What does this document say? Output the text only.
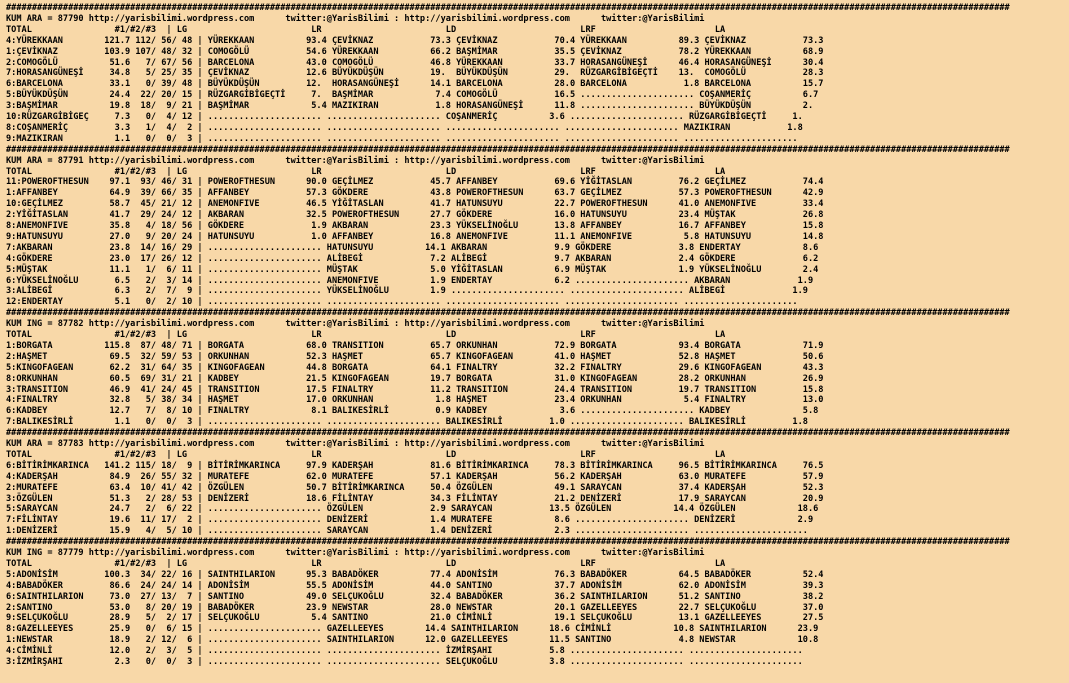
##################################################################################################################################################################################################
KUM ARA = 87790 http://yarisbilimi.wordpress.com      twitter:@YarisBilimi : http://yarisbilimi.wordpress.com      twitter:@YarisBilimi
TOTAL                #1/#2/#3  | LG                        LR                        LD                        LRF                       LA
4:YÜREKKAAN        121.7 112/ 56/ 48 | YÜREKKAAN          93.4 ÇEVİKNAZ           73.3 ÇEVİKNAZ           70.4 YÜREKKAAN          89.3 ÇEVİKNAZ           73.3
1:ÇEVİKNAZ         103.9 107/ 48/ 32 | COMOGÖLÜ           54.6 YÜREKKAAN          66.2 BAŞMİMAR           35.5 ÇEVİKNAZ           78.2 YÜREKKAAN          68.9
2:COMOGÖLÜ          51.6   7/ 67/ 56 | BARCELONA          43.0 COMOGÖLÜ           46.8 YÜREKKAAN          33.7 HORASANGÜNEŞİ      46.4 HORASANGÜNEŞİ      30.4
7:HORASANGÜNEŞİ     34.8   5/ 25/ 35 | ÇEVİKNAZ           12.6 BÜYÜKDÜŞÜN         19.  BÜYÜKDÜŞÜN         29.  RÜZGARGİBİGEÇTİ    13.  COMOGÖLÜ           28.3
6:BARCELONA         33.1   0/ 39/ 48 | BÜYÜKDÜŞÜN         12.  HORASANGÜNEŞİ      14.1 BARCELONA          28.0 BARCELONA           1.8 BARCELONA          15.7
5:BÜYÜKDÜŞÜN        24.4  22/ 20/ 15 | RÜZGARGİBİGEÇTİ     7.  BAŞMİMAR            7.4 COMOGÖLÜ           16.5 ...................... COŞANMERİÇ          6.7
3:BAŞMİMAR          19.8  18/  9/ 21 | BAŞMİMAR            5.4 MAZIKIRAN           1.8 HORASANGÜNEŞİ      11.8 ...................... BÜYÜKDÜŞÜN          2.
10:RÜZGARGİBİGEÇ     7.3   0/  4/ 12 | ...................... ...................... COŞANMERİÇ          3.6 ...................... RÜZGARGİBİGEÇTİ     1.
8:COŞANMERİÇ         3.3   1/  4/  2 | ...................... ...................... ...................... ...................... MAZIKIRAN           1.8
9:MAZIKIRAN          1.1   0/  0/  3 | ...................... ...................... ...................... ...................... ......................
##################################################################################################################################################################################################
KUM ARA = 87791 http://yarisbilimi.wordpress.com      twitter:@YarisBilimi : http://yarisbilimi.wordpress.com      twitter:@YarisBilimi
TOTAL                #1/#2/#3  | LG                        LR                        LD                        LRF                       LA
11:POWEROFTHESUN    97.1  93/ 46/ 31 | POWEROFTHESUN      90.0 GEÇİLMEZ           45.7 AFFANBEY           69.6 YİĞİTASLAN         76.2 GEÇİLMEZ           74.4
1:AFFANBEY          64.9  39/ 66/ 35 | AFFANBEY           57.3 GÖKDERE            43.8 POWEROFTHESUN      63.7 GEÇİLMEZ           57.3 POWEROFTHESUN      42.9
10:GEÇİLMEZ         58.7  45/ 21/ 12 | ANEMONFIVE         46.5 YİĞİTASLAN         41.7 HATUNSUYU          22.7 POWEROFTHESUN      41.0 ANEMONFIVE         33.4
2:YİĞİTASLAN        41.7  29/ 24/ 12 | AKBARAN            32.5 POWEROFTHESUN      27.7 GÖKDERE            16.0 HATUNSUYU          23.4 MÜŞTAK             26.8
8:ANEMONFIVE        35.8   4/ 18/ 56 | GÖKDERE             1.9 AKBARAN            23.3 YÜKSELİNOĞLU       13.8 AFFANBEY           16.7 AFFANBEY           15.8
9:HATUNSUYU         27.0   9/ 20/ 24 | HATUNSUYU           1.0 AFFANBEY           16.8 ANEMONFIVE         11.1 ANEMONFIVE          5.8 HATUNSUYU          14.8
7:AKBARAN           23.8  14/ 16/ 29 | ...................... HATUNSUYU          14.1 AKBARAN             9.9 GÖKDERE             3.8 ENDERTAY            8.6
4:GÖKDERE           23.0  17/ 26/ 12 | ...................... ALİBEGİ             7.2 ALİBEGİ             9.7 AKBARAN             2.4 GÖKDERE             6.2
5:MÜŞTAK            11.1   1/  6/ 11 | ...................... MÜŞTAK              5.0 YİĞİTASLAN          6.9 MÜŞTAK              1.9 YÜKSELİNOĞLU        2.4
6:YÜKSELİNOĞLU       6.5   2/  3/ 14 | ...................... ANEMONFIVE          1.9 ENDERTAY            6.2 ...................... AKBARAN             1.9
3:ALİBEGİ            6.3   2/  7/  9 | ...................... YÜKSELİNOĞLU        1.9 ...................... ...................... ALİBEGİ             1.9
12:ENDERTAY          5.1   0/  2/ 10 | ...................... ...................... ...................... ...................... ......................
##################################################################################################################################################################################################
KUM ING = 87782 http://yarisbilimi.wordpress.com      twitter:@YarisBilimi : http://yarisbilimi.wordpress.com      twitter:@YarisBilimi
TOTAL                #1/#2/#3  | LG                        LR                        LD                        LRF                       LA
1:BORGATA          115.8  87/ 48/ 71 | BORGATA            68.0 TRANSITION         65.7 ORKUNHAN           72.9 BORGATA            93.4 BORGATA            71.9
2:HAŞMET            69.5  32/ 59/ 53 | ORKUNHAN           52.3 HAŞMET             65.7 KINGOFAGEAN        41.0 HAŞMET             52.8 HAŞMET             50.6
5:KINGOFAGEAN       62.2  31/ 64/ 35 | KINGOFAGEAN        44.8 BORGATA            64.1 FINALTRY           32.2 FINALTRY           29.6 KINGOFAGEAN        43.3
8:ORKUNHAN          60.5  69/ 31/ 21 | KADBEY             21.5 KINGOFAGEAN        19.7 BORGATA            31.0 KINGOFAGEAN        28.2 ORKUNHAN           26.9
3:TRANSITION        46.9  41/ 24/ 45 | TRANSITION         17.5 FINALTRY           11.2 TRANSITION         24.4 TRANSITION         19.7 TRANSITION         15.8
4:FINALTRY          32.8   5/ 38/ 34 | HAŞMET             17.0 ORKUNHAN            1.8 HAŞMET             23.4 ORKUNHAN            5.4 FINALTRY           13.0
6:KADBEY            12.7   7/  8/ 10 | FINALTRY            8.1 BALIKESİRLİ         0.9 KADBEY              3.6 ...................... KADBEY              5.8
7:BALIKESİRLİ        1.1   0/  0/  3 | ...................... ...................... BALIKESİRLİ         1.0 ...................... BALIKESİRLİ         1.8
##################################################################################################################################################################################################
KUM ARA = 87783 http://yarisbilimi.wordpress.com      twitter:@YarisBilimi : http://yarisbilimi.wordpress.com      twitter:@YarisBilimi
TOTAL                #1/#2/#3  | LG                        LR                        LD                        LRF                       LA
6:BİTİRİMKARINCA   141.2 115/ 18/  9 | BİTİRİMKARINCA     97.9 KADERŞAH           81.6 BİTİRİMKARINCA     78.3 BİTİRİMKARINCA     96.5 BİTİRİMKARINCA     76.5
4:KADERŞAH          84.9  26/ 55/ 32 | MURATEFE           62.0 MURATEFE           57.1 KADERŞAH           56.2 KADERŞAH           63.0 MURATEFE           57.9
2:MURATEFE          63.4  10/ 41/ 42 | ÖZGÜLEN            50.7 BİTİRİMKARINCA     50.4 ÖZGÜLEN            49.1 SARAYCAN           37.4 KADERŞAH           52.3
3:ÖZGÜLEN           51.3   2/ 28/ 53 | DENİZERİ           18.6 FİLİNTAY           34.3 FİLİNTAY           21.2 DENİZERİ           17.9 SARAYCAN           20.9
5:SARAYCAN          24.7   2/  6/ 22 | ...................... ÖZGÜLEN             2.9 SARAYCAN           13.5 ÖZGÜLEN            14.4 ÖZGÜLEN            18.6
7:FİLİNTAY          19.6  11/ 17/  2 | ...................... DENİZERİ            1.4 MURATEFE            8.6 ...................... DENİZERİ            2.9
1:DENİZERİ          15.9   4/  5/ 10 | ...................... SARAYCAN            1.4 DENİZERİ            2.3 ...................... ......................
##################################################################################################################################################################################################
KUM ING = 87779 http://yarisbilimi.wordpress.com      twitter:@YarisBilimi : http://yarisbilimi.wordpress.com      twitter:@YarisBilimi
TOTAL                #1/#2/#3  | LG                        LR                        LD                        LRF                       LA
5:ADONİSİM         100.3  34/ 22/ 16 | SAINTHILARION      95.3 BABADÖKER          77.4 ADONİSİM           76.3 BABADÖKER          64.5 BABADÖKER          52.4
4:BABADÖKER         86.6  24/ 24/ 14 | ADONİSİM           55.5 ADONİSİM           44.0 SANTINO            37.7 ADONİSİM           62.0 ADONİSİM           39.3
6:SAINTHILARION     73.0  27/ 13/  7 | SANTINO            49.0 SELÇUKOĞLU         32.4 BABADÖKER          36.2 SAINTHILARION      51.2 SANTINO            38.2
2:SANTINO           53.0   8/ 20/ 19 | BABADÖKER          23.9 NEWSTAR            28.0 NEWSTAR            20.1 GAZELLEEYES        22.7 SELÇUKOĞLU         37.0
9:SELÇUKOĞLU        28.9   5/  2/ 17 | SELÇUKOĞLU          5.4 SANTINO            21.0 CİMİNLİ            19.1 SELÇUKOĞLU         13.1 GAZELLEEYES        27.5
8:GAZELLEEYES       25.9   0/  6/ 15 | ...................... GAZELLEEYES        14.4 SAINTHILARION      18.6 CİMİNLİ            10.8 SAINTHILARION      23.9
1:NEWSTAR           18.9   2/ 12/  6 | ...................... SAINTHILARION      12.0 GAZELLEEYES        11.5 SANTINO             4.8 NEWSTAR            10.8
4:CİMİNLİ           12.0   2/  3/  5 | ...................... ...................... İZMİRŞAHI           5.8 ...................... ......................
3:İZMİRŞAHI          2.3   0/  0/  3 | ...................... ...................... SELÇUKOĞLU          3.8 ...................... ......................
